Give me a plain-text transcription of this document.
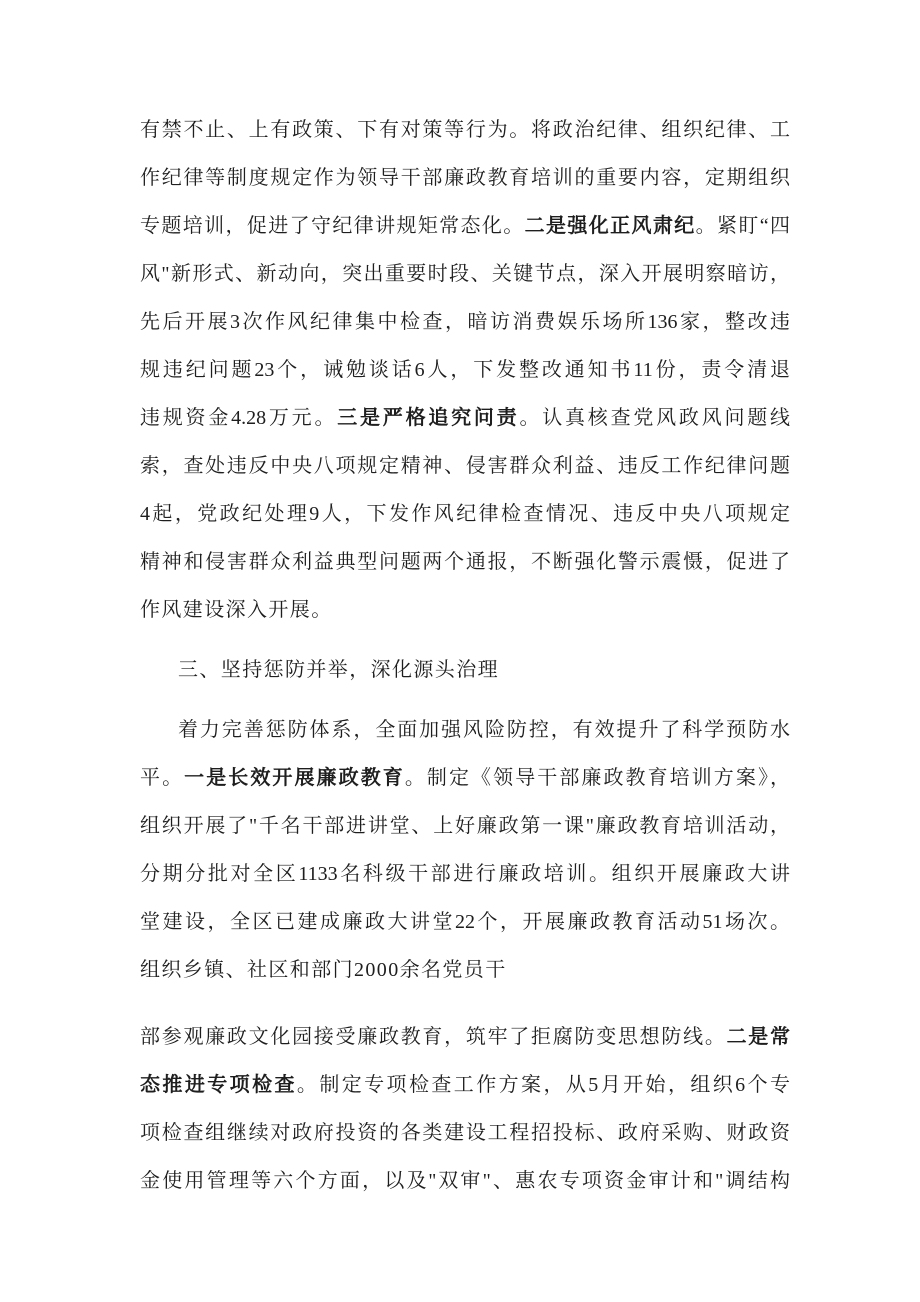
有禁不止、上有政策、下有对策等行为。将政治纪律、组织纪律、工
作纪律等制度规定作为领导干部廉政教育培训的重要内容，定期组织
专题培训，促进了守纪律讲规矩常态化。二是强化正风肃纪。紧盯“四
风"新形式、新动向，突出重要时段、关键节点，深入开展明察暗访，
先后开展3次作风纪律集中检查，暗访消费娱乐场所136家，整改违
规违纪问题23个，诫勉谈话6人，下发整改通知书11份，责令清退
违规资金4.28万元。三是严格追究问责。认真核查党风政风问题线
索，查处违反中央八项规定精神、侵害群众利益、违反工作纪律问题
4起，党政纪处理9人，下发作风纪律检查情况、违反中央八项规定
精神和侵害群众利益典型问题两个通报，不断强化警示震慑，促进了
作风建设深入开展。
三、坚持惩防并举，深化源头治理
着力完善惩防体系，全面加强风险防控，有效提升了科学预防水
平。一是长效开展廉政教育。制定《领导干部廉政教育培训方案》，
组织开展了"千名干部进讲堂、上好廉政第一课"廉政教育培训活动，
分期分批对全区1133名科级干部进行廉政培训。组织开展廉政大讲
堂建设，全区已建成廉政大讲堂22个，开展廉政教育活动51场次。
组织乡镇、社区和部门2000余名党员干
部参观廉政文化园接受廉政教育，筑牢了拒腐防变思想防线。二是常
态推进专项检查。制定专项检查工作方案，从5月开始，组织6个专
项检查组继续对政府投资的各类建设工程招投标、政府采购、财政资
金使用管理等六个方面，以及''双审"、惠农专项资金审计和"调结构
